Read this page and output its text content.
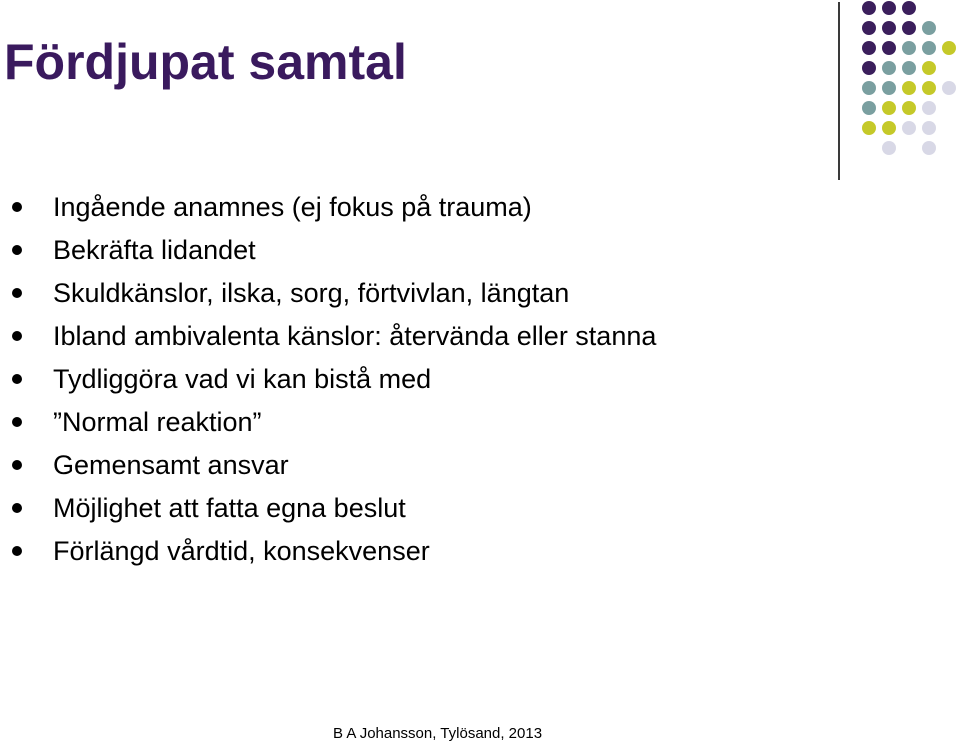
Fördjupat samtal
Ingående anamnes (ej fokus på trauma)
Bekräfta lidandet
Skuldkänslor, ilska, sorg, förtvivlan, längtan
Ibland ambivalenta känslor: återvända eller stanna
Tydliggöra vad vi kan bistå med
”Normal reaktion”
Gemensamt ansvar
Möjlighet att fatta egna beslut
Förlängd vårdtid, konsekvenser
B A Johansson, Tylösand, 2013
